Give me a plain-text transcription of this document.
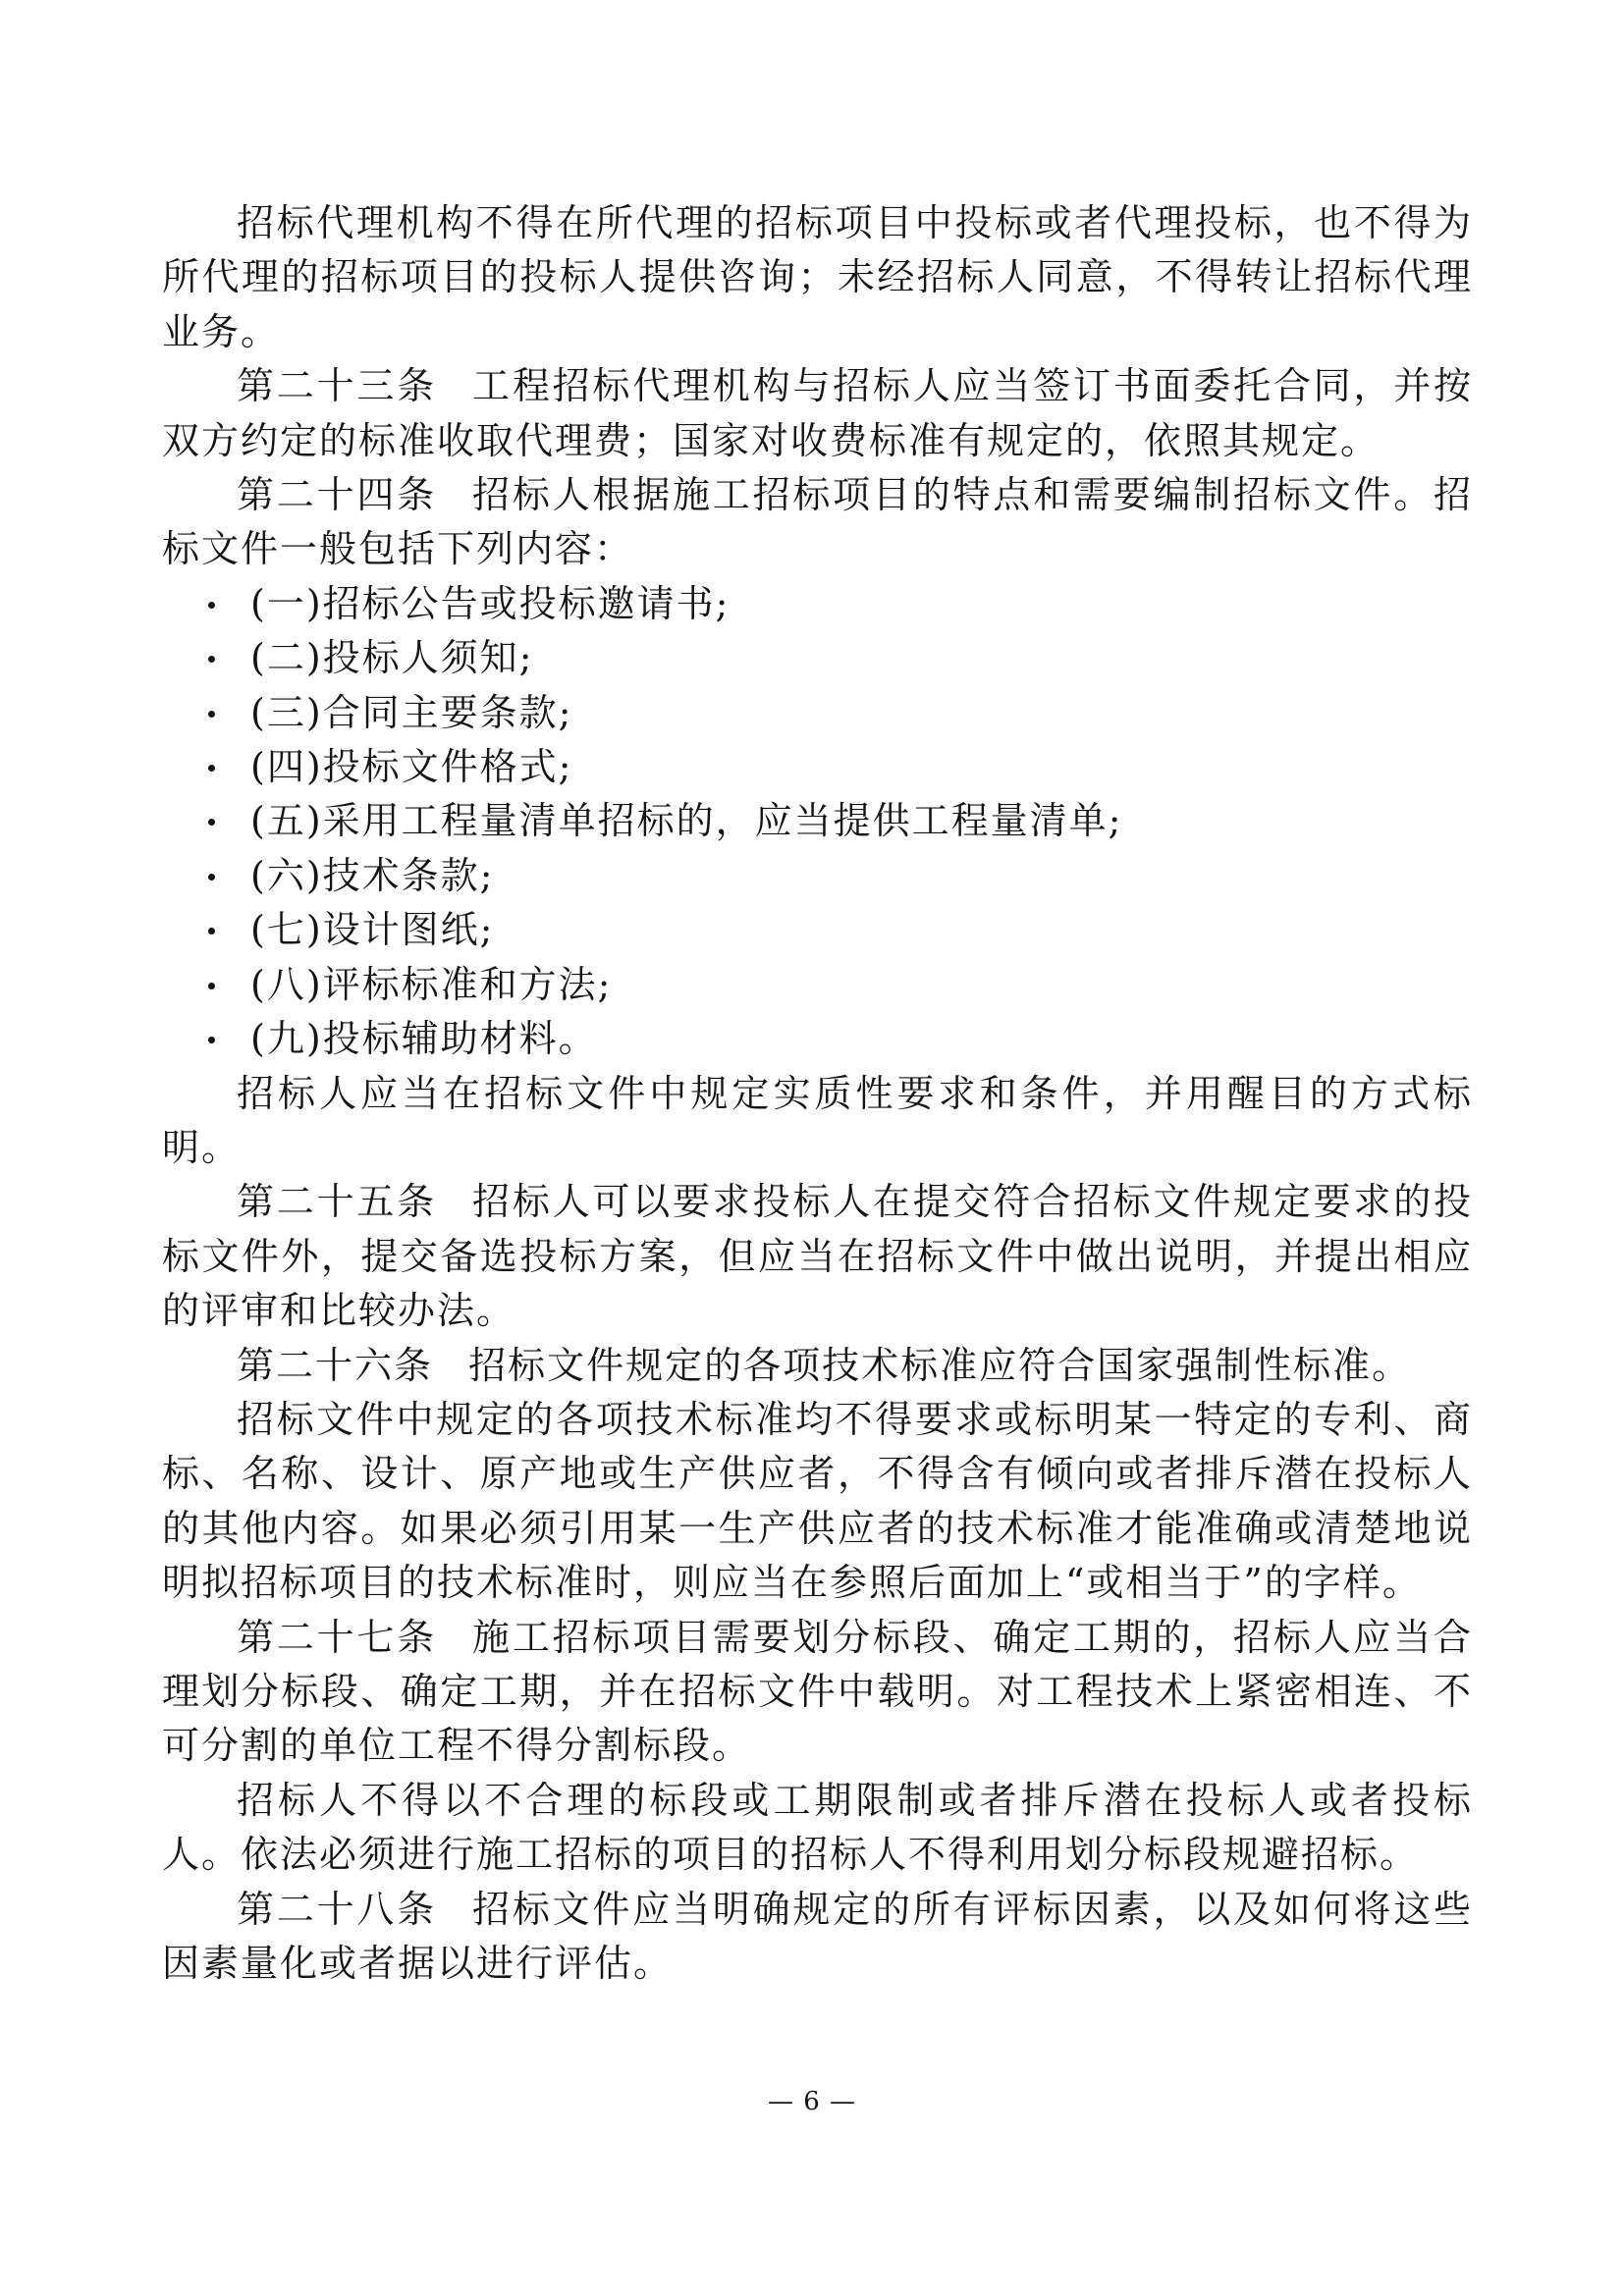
招标代理机构不得在所代理的招标项目中投标或者代理投标，也不得为所代理的招标项目的投标人提供咨询；未经招标人同意，不得转让招标代理业务。

第二十三条 工程招标代理机构与招标人应当签订书面委托合同，并按双方约定的标准收取代理费；国家对收费标准有规定的，依照其规定。

第二十四条 招标人根据施工招标项目的特点和需要编制招标文件。招标文件一般包括下列内容：

(一)招标公告或投标邀请书;
(二)投标人须知;
(三)合同主要条款;
(四)投标文件格式;
(五)采用工程量清单招标的，应当提供工程量清单;
(六)技术条款;
(七)设计图纸;
(八)评标标准和方法;
(九)投标辅助材料。

招标人应当在招标文件中规定实质性要求和条件，并用醒目的方式标明。

第二十五条 招标人可以要求投标人在提交符合招标文件规定要求的投标文件外，提交备选投标方案，但应当在招标文件中做出说明，并提出相应的评审和比较办法。

第二十六条 招标文件规定的各项技术标准应符合国家强制性标准。

招标文件中规定的各项技术标准均不得要求或标明某一特定的专利、商标、名称、设计、原产地或生产供应者，不得含有倾向或者排斥潜在投标人的其他内容。如果必须引用某一生产供应者的技术标准才能准确或清楚地说明拟招标项目的技术标准时，则应当在参照后面加上“或相当于”的字样。

第二十七条 施工招标项目需要划分标段、确定工期的，招标人应当合理划分标段、确定工期，并在招标文件中载明。对工程技术上紧密相连、不可分割的单位工程不得分割标段。

招标人不得以不合理的标段或工期限制或者排斥潜在投标人或者投标人。依法必须进行施工招标的项目的招标人不得利用划分标段规避招标。

第二十八条 招标文件应当明确规定的所有评标因素，以及如何将这些因素量化或者据以进行评估。

— 6 —
